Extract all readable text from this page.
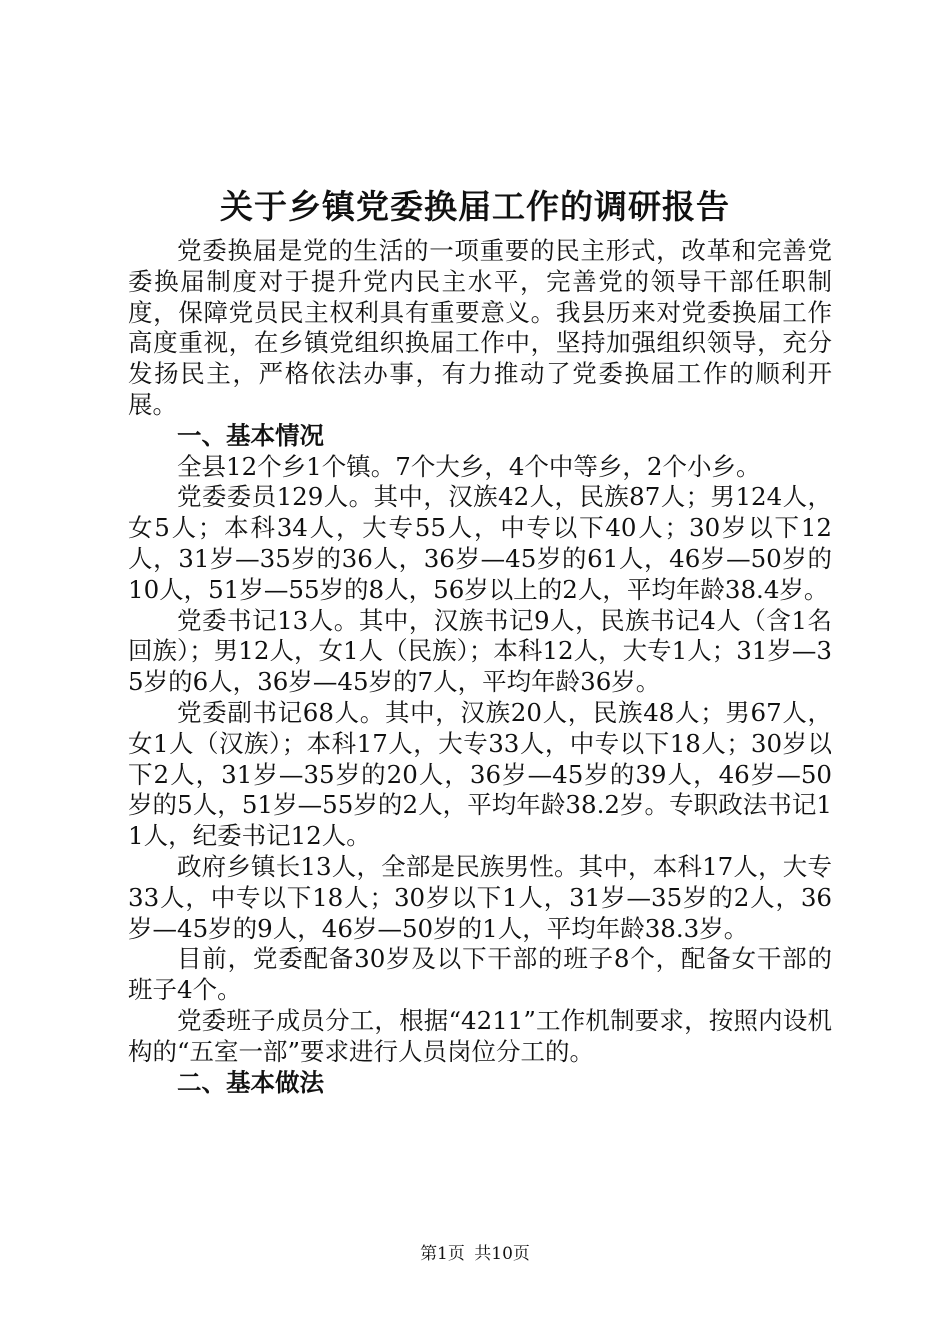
关于乡镇党委换届工作的调研报告

党委换届是党的生活的一项重要的民主形式，改革和完善党委换届制度对于提升党内民主水平，完善党的领导干部任职制度，保障党员民主权利具有重要意义。我县历来对党委换届工作高度重视，在乡镇党组织换届工作中，坚持加强组织领导，充分发扬民主，严格依法办事，有力推动了党委换届工作的顺利开展。

一、基本情况

全县12个乡1个镇。7个大乡，4个中等乡，2个小乡。

党委委员129人。其中，汉族42人，民族87人；男124人，女5人；本科34人，大专55人，中专以下40人；30岁以下12人，31岁—35岁的36人，36岁—45岁的61人，46岁—50岁的10人，51岁—55岁的8人，56岁以上的2人，平均年龄38.4岁。

党委书记13人。其中，汉族书记9人，民族书记4人（含1名回族）；男12人，女1人（民族）；本科12人，大专1人；31岁—35岁的6人，36岁—45岁的7人，平均年龄36岁。

党委副书记68人。其中，汉族20人，民族48人；男67人，女1人（汉族）；本科17人，大专33人，中专以下18人；30岁以下2人，31岁—35岁的20人，36岁—45岁的39人，46岁—50岁的5人，51岁—55岁的2人，平均年龄38.2岁。专职政法书记11人，纪委书记12人。

政府乡镇长13人，全部是民族男性。其中，本科17人，大专33人，中专以下18人；30岁以下1人，31岁—35岁的2人，36岁—45岁的9人，46岁—50岁的1人，平均年龄38.3岁。

目前，党委配备30岁及以下干部的班子8个，配备女干部的班子4个。

党委班子成员分工，根据“4211”工作机制要求，按照内设机构的“五室一部”要求进行人员岗位分工的。

二、基本做法
第1页 共10页
